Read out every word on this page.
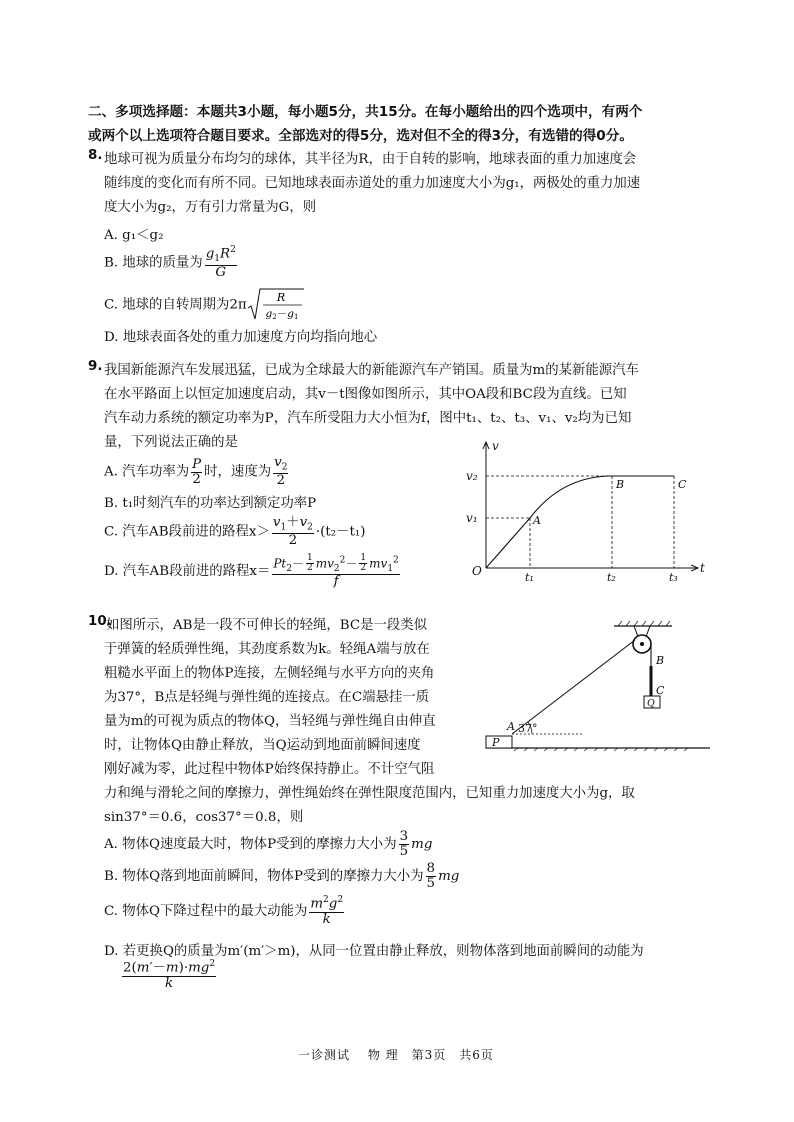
二、多项选择题：本题共3小题，每小题5分，共15分。在每小题给出的四个选项中，有两个
或两个以上选项符合题目要求。全部选对的得5分，选对但不全的得3分，有选错的得0分。
8. 地球可视为质量分布均匀的球体，其半径为R，由于自转的影响，地球表面的重力加速度会
随纬度的变化而有所不同。已知地球表面赤道处的重力加速度大小为g₁，两极处的重力加速
度大小为g₂，万有引力常量为G，则
A. g₁＜g₂
B. 地球的质量为 $\frac{g_1R^2}{G}$
C. 地球的自转周期为2π	R
g2－g1
D. 地球表面各处的重力加速度方向均指向地心
9. 我国新能源汽车发展迅猛，已成为全球最大的新能源汽车产销国。质量为m的某新能源汽车
在水平路面上以恒定加速度启动，其v－t图像如图所示，其中OA段和BC段为直线。已知
汽车动力系统的额定功率为P，汽车所受阻力大小恒为f，图中t₁、t₂、t₃、v₁、v₂均为已知
量，下列说法正确的是
A. 汽车功率为 $\frac{P}{2}$ 时，速度为 $\frac{v_2}{2}$
B. t₁时刻汽车的功率达到额定功率P
C. 汽车AB段前进的路程$x> \frac{v_1+v_2}{2} \cdot(t_2-t_1)$
D. 汽车AB段前进的路程$x= \frac{Pt_2- \frac{1}{2} mv_2^2- \frac{1}{2} mv_1^2}{f}$
v
t
O
v₂
v₁
t₁	t₂	t₃
A
B	C
10.
如图所示，AB是一段不可伸长的轻绳，BC是一段类似
于弹簧的轻质弹性绳，其劲度系数为k。轻绳A端与放在
粗糙水平面上的物体P连接，左侧轻绳与水平方向的夹角
为37°，B点是轻绳与弹性绳的连接点。在C端悬挂一质
量为m的可视为质点的物体Q，当轻绳与弹性绳自由伸直
时，让物体Q由静止释放，当Q运动到地面前瞬间速度
刚好减为零，此过程中物体P始终保持静止。不计空气阻
力和绳与滑轮之间的摩擦力，弹性绳始终在弹性限度范围内，已知重力加速度大小为g，取
sin37°＝0.6，cos37°＝0.8，则
P
A 37°
B
C
Q
A. 物体Q速度最大时，物体P受到的摩擦力大小为 $\frac{3}{5}$ mg
B. 物体Q落到地面前瞬间，物体P受到的摩擦力大小为 $\frac{8}{5}$ mg
C. 物体Q下降过程中的最大动能为 $\frac{m^2g^2}{k}$
D. 若更换Q的质量为m′(m′＞m)，从同一位置由静止释放，则物体落到地面前瞬间的动能为
$\frac{2(m'-m)\cdot mg^2}{k}$
一诊测试　 物 理　第3页　共6页
